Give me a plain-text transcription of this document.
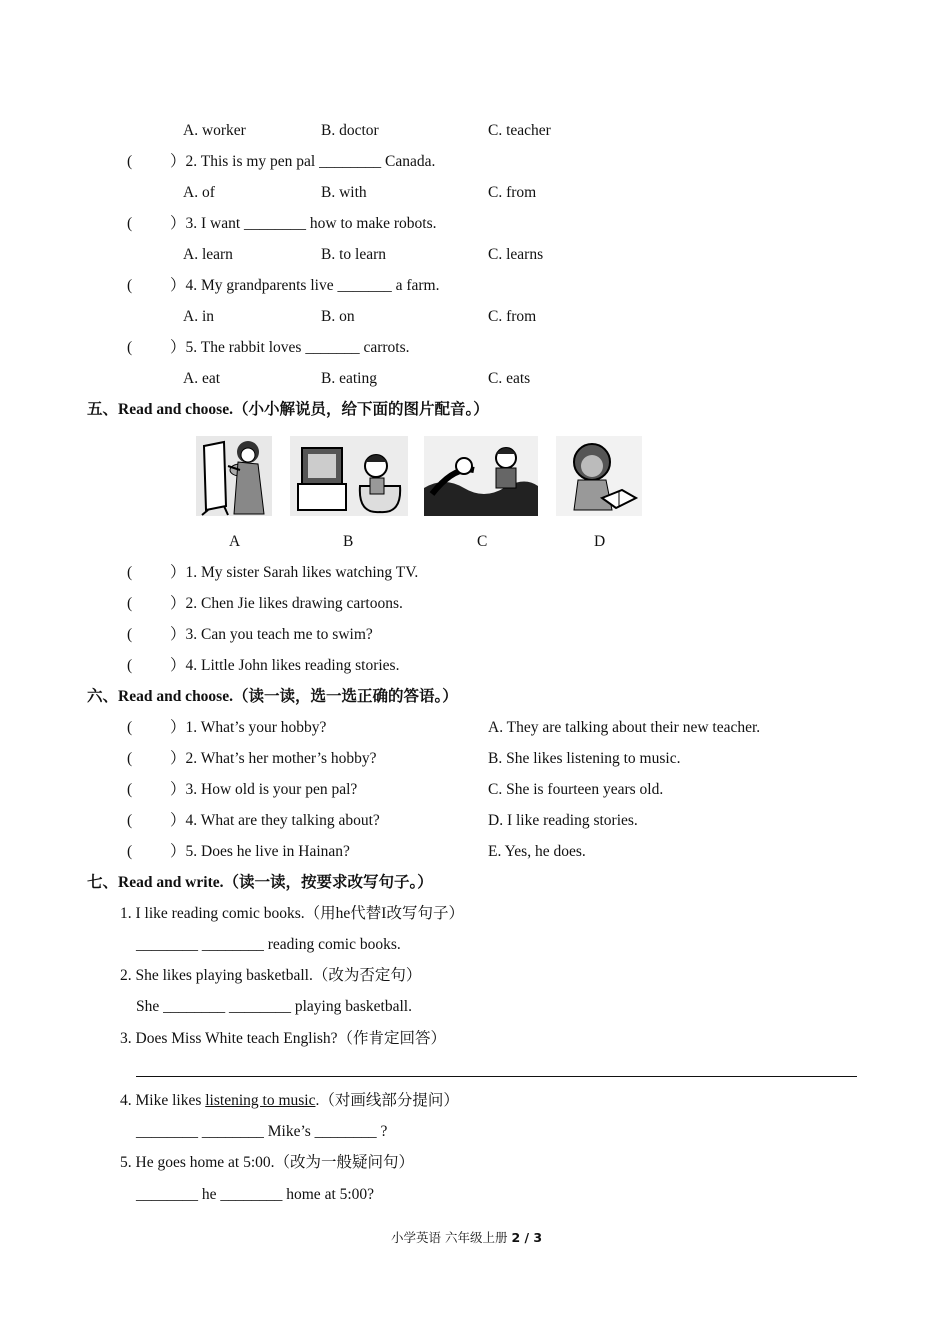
A. worker	B. doctor	C. teacher
( ）2. This is my pen pal ________ Canada.
A. of	B. with	C. from
( ）3. I want ________ how to make robots.
A. learn	B. to learn	C. learns
( ）4. My grandparents live _______ a farm.
A. in	B. on	C. from
( ）5. The rabbit loves _______ carrots.
A. eat	B. eating	C. eats
五、Read and choose.（小小解说员，给下面的图片配音。）
A	B	C	D
( ）1. My sister Sarah likes watching TV.
( ）2. Chen Jie likes drawing cartoons.
( ）3. Can you teach me to swim?
( ）4. Little John likes reading stories.
六、Read and choose.（读一读，选一选正确的答语。）
( ）1. What’s your hobby?	A. They are talking about their new teacher.
( ）2. What’s her mother’s hobby?	B. She likes listening to music.
( ）3. How old is your pen pal?	C. She is fourteen years old.
( ）4. What are they talking about?	D. I like reading stories.
( ）5. Does he live in Hainan?	E. Yes, he does.
七、Read and write.（读一读，按要求改写句子。）
1. I like reading comic books.（用he代替I改写句子）
________ ________ reading comic books.
2. She likes playing basketball.（改为否定句）
She ________ ________ playing basketball.
3. Does Miss White teach English?（作肯定回答）
4. Mike likes listening to music.（对画线部分提问）
________ ________ Mike’s ________ ?
5. He goes home at 5:00.（改为一般疑问句）
________ he ________ home at 5:00?
小学英语 六年级上册 2 / 3
